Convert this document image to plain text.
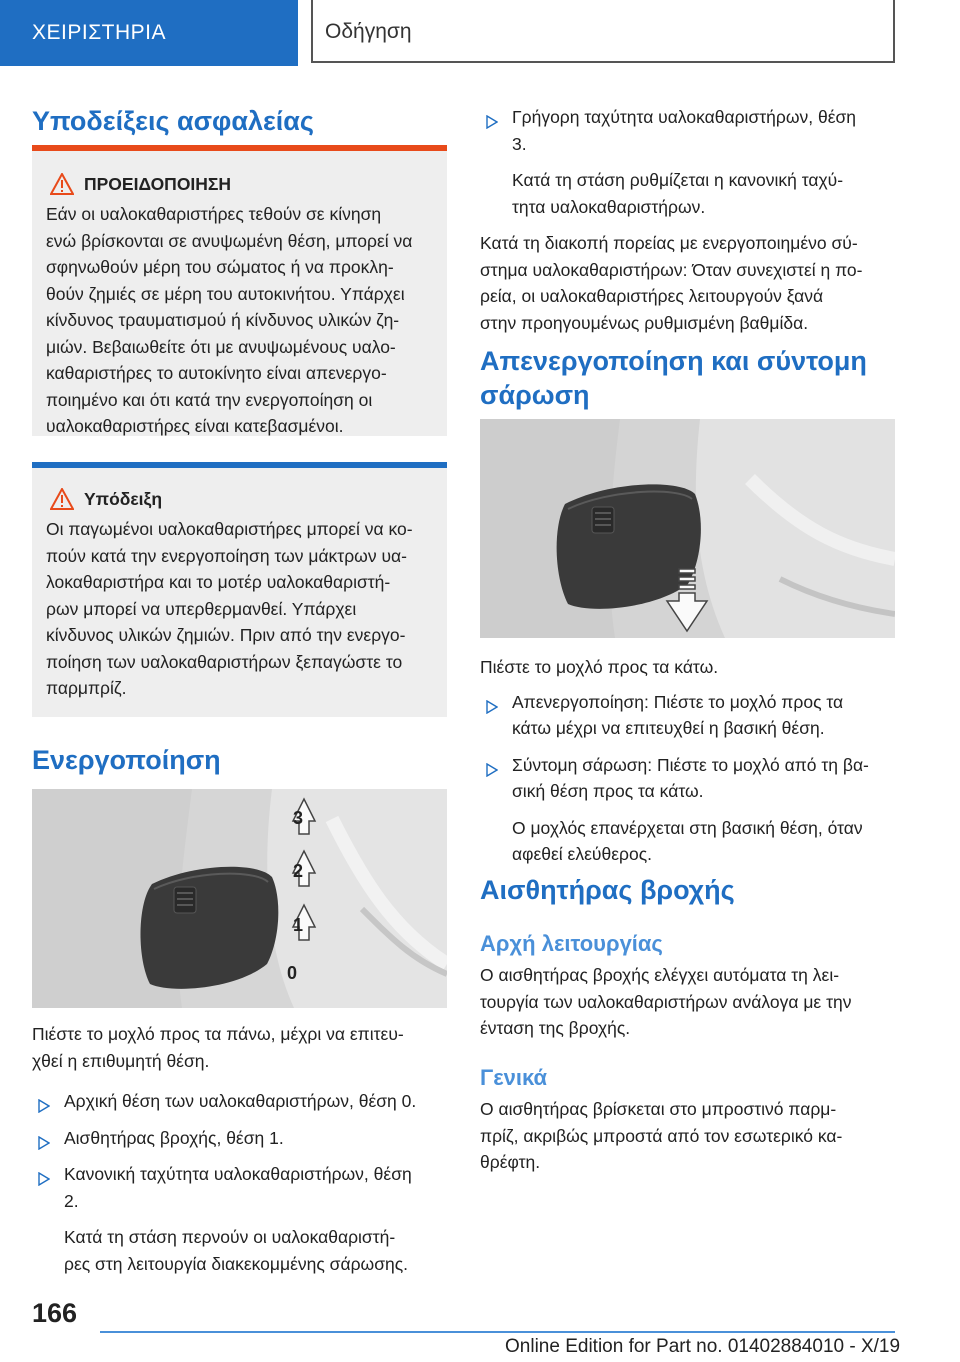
ΧΕΙΡΙΣΤΗΡΙΑ	Οδήγηση
Υποδείξεις ασφαλείας
ΠΡΟΕΙΔΟΠΟΙΗΣΗ
Εάν οι υαλοκαθαριστήρες τεθούν σε κίνηση
ενώ βρίσκονται σε ανυψωμένη θέση, μπορεί να
σφηνωθούν μέρη του σώματος ή να προκλη-
θούν ζημιές σε μέρη του αυτοκινήτου. Υπάρχει
κίνδυνος τραυματισμού ή κίνδυνος υλικών ζη-
μιών. Βεβαιωθείτε ότι με ανυψωμένους υαλο-
καθαριστήρες το αυτοκίνητο είναι απενεργο-
ποιημένο και ότι κατά την ενεργοποίηση οι
υαλοκαθαριστήρες είναι κατεβασμένοι.
Υπόδειξη
Οι παγωμένοι υαλοκαθαριστήρες μπορεί να κο-
πούν κατά την ενεργοποίηση των μάκτρων υα-
λοκαθαριστήρα και το μοτέρ υαλοκαθαριστή-
ρων μπορεί να υπερθερμανθεί. Υπάρχει
κίνδυνος υλικών ζημιών. Πριν από την ενεργο-
ποίηση των υαλοκαθαριστήρων ξεπαγώστε το
παρμπρίζ.
Ενεργοποίηση
3
2
1
0
Πιέστε το μοχλό προς τα πάνω, μέχρι να επιτευ-
χθεί η επιθυμητή θέση.
Αρχική θέση των υαλοκαθαριστήρων, θέση 0.
Αισθητήρας βροχής, θέση 1.
Κανονική ταχύτητα υαλοκαθαριστήρων, θέση
2.
Κατά τη στάση περνούν οι υαλοκαθαριστή-
ρες στη λειτουργία διακεκομμένης σάρωσης.
Γρήγορη ταχύτητα υαλοκαθαριστήρων, θέση
3.
Κατά τη στάση ρυθμίζεται η κανονική ταχύ-
τητα υαλοκαθαριστήρων.
Κατά τη διακοπή πορείας με ενεργοποιημένο σύ-
στημα υαλοκαθαριστήρων: Όταν συνεχιστεί η πο-
ρεία, οι υαλοκαθαριστήρες λειτουργούν ξανά
στην προηγουμένως ρυθμισμένη βαθμίδα.
Απενεργοποίηση και σύντομη
σάρωση
Πιέστε το μοχλό προς τα κάτω.
Απενεργοποίηση: Πιέστε το μοχλό προς τα
κάτω μέχρι να επιτευχθεί η βασική θέση.
Σύντομη σάρωση: Πιέστε το μοχλό από τη βα-
σική θέση προς τα κάτω.
Ο μοχλός επανέρχεται στη βασική θέση, όταν
αφεθεί ελεύθερος.
Αισθητήρας βροχής
Αρχή λειτουργίας
Ο αισθητήρας βροχής ελέγχει αυτόματα τη λει-
τουργία των υαλοκαθαριστήρων ανάλογα με την
ένταση της βροχής.
Γενικά
Ο αισθητήρας βρίσκεται στο μπροστινό παρμ-
πρίζ, ακριβώς μπροστά από τον εσωτερικό κα-
θρέφτη.
166
Online Edition for Part no. 01402884010 - X/19
